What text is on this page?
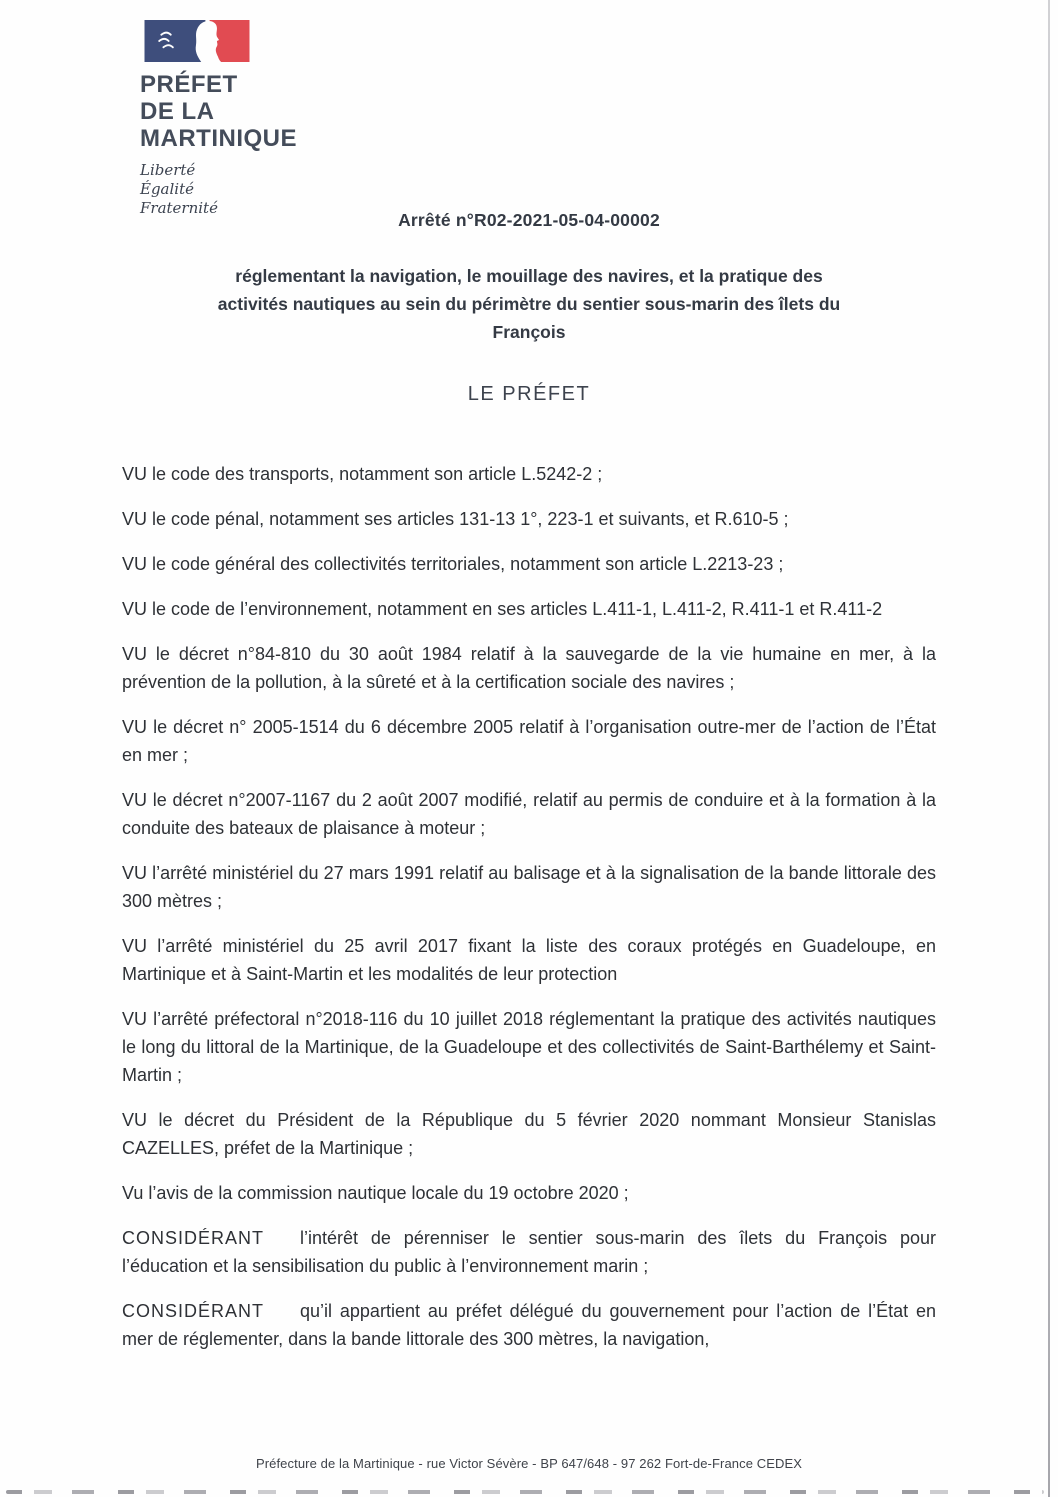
PRÉFET
DE LA
MARTINIQUE
Liberté
Égalité
Fraternité
Arrêté n°R02-2021-05-04-00002
réglementant la navigation, le mouillage des navires, et la pratique des
activités nautiques au sein du périmètre du sentier sous-marin des îlets du
François
LE PRÉFET

VU le code des transports, notamment son article L.5242-2 ;

VU le code pénal, notamment ses articles 131-13 1°, 223-1 et suivants, et R.610-5 ;

VU le code général des collectivités territoriales, notamment son article L.2213-23 ;

VU le code de l’environnement, notamment en ses articles L.411-1, L.411-2, R.411-1 et R.411-2

VU le décret n°84-810 du 30 août 1984 relatif à la sauvegarde de la vie humaine en mer, à la prévention de la pollution, à la sûreté et à la certification sociale des navires ;

VU le décret n° 2005-1514 du 6 décembre 2005 relatif à l’organisation outre-mer de l’action de l’État en mer ;

VU le décret n°2007-1167 du 2 août 2007 modifié, relatif au permis de conduire et à la formation à la conduite des bateaux de plaisance à moteur ;

VU l’arrêté ministériel du 27 mars 1991 relatif au balisage et à la signalisation de la bande littorale des 300 mètres ;

VU l’arrêté ministériel du 25 avril 2017 fixant la liste des coraux protégés en Guadeloupe, en Martinique et à Saint-Martin et les modalités de leur protection

VU l’arrêté préfectoral n°2018-116 du 10 juillet 2018 réglementant la pratique des activités nautiques le long du littoral de la Martinique, de la Guadeloupe et des collectivités de Saint-Barthélemy et Saint-Martin ;

VU le décret du Président de la République du 5 février 2020 nommant Monsieur Stanislas CAZELLES, préfet de la Martinique ;

Vu l’avis de la commission nautique locale du 19 octobre 2020 ;

CONSIDÉRANT l’intérêt de pérenniser le sentier sous-marin des îlets du François pour l’éducation et la sensibilisation du public à l’environnement marin ;

CONSIDÉRANT qu’il appartient au préfet délégué du gouvernement pour l’action de l’État en mer de réglementer, dans la bande littorale des 300 mètres, la navigation,

Préfecture de la Martinique - rue Victor Sévère - BP 647/648 - 97 262 Fort-de-France CEDEX
